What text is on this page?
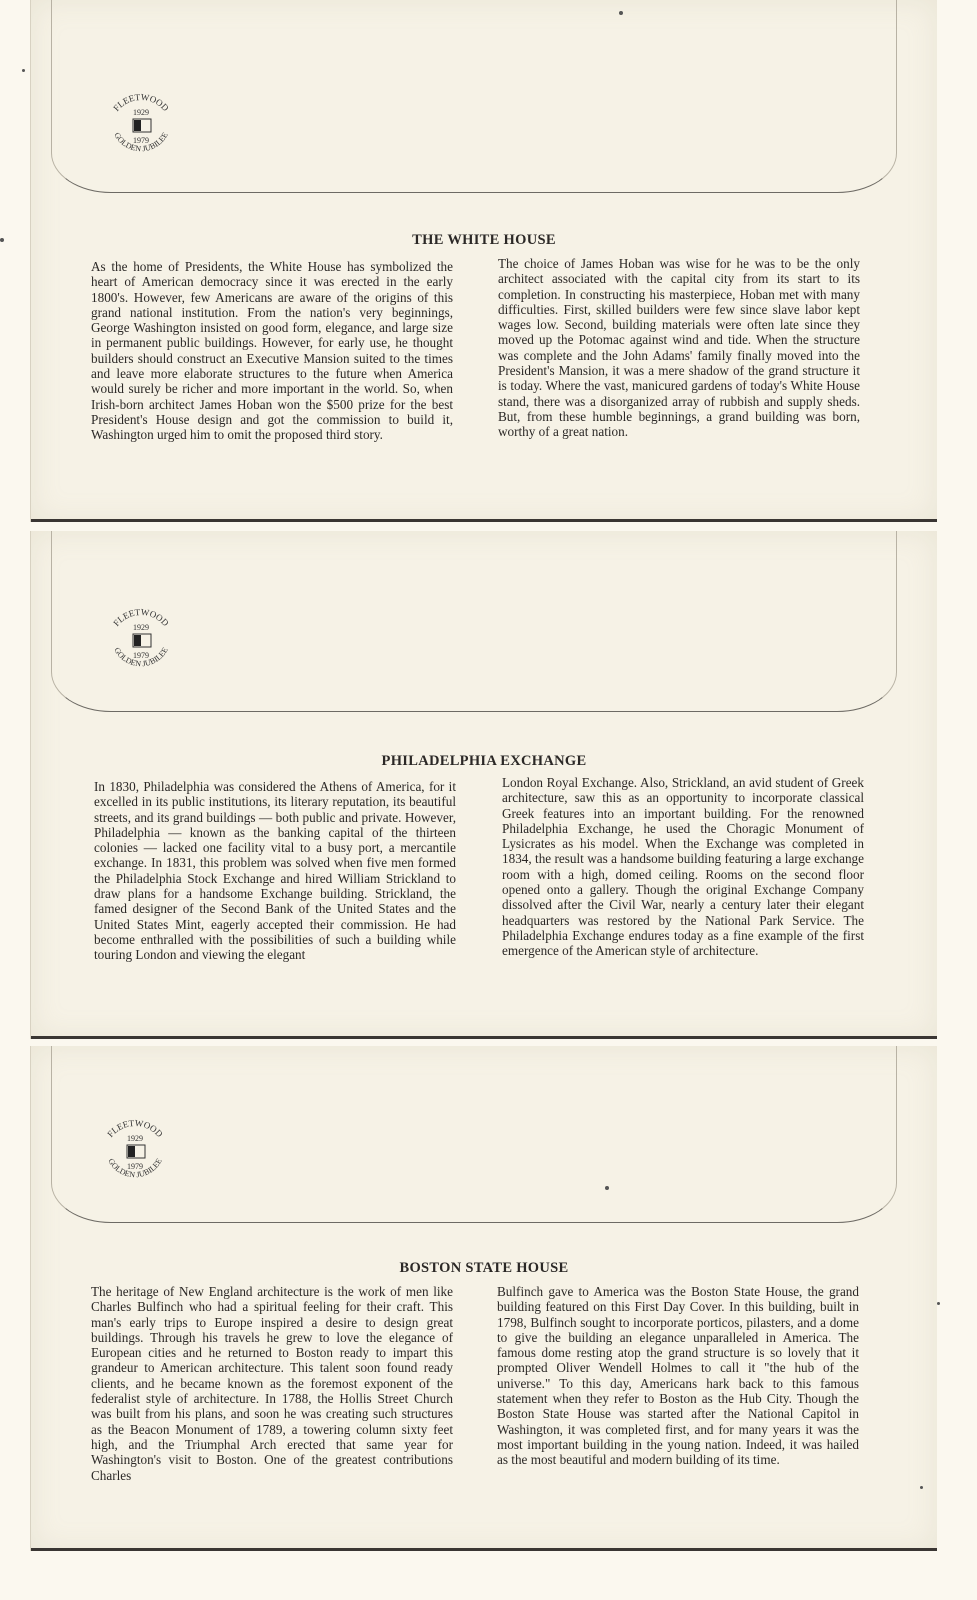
FLEETWOOD
GOLDEN JUBILEE
1929
1979
THE WHITE HOUSE
As the home of Presidents, the White House has symbolized the heart of American democracy since it was erected in the early 1800's. However, few Americans are aware of the origins of this grand national institution. From the nation's very beginnings, George Washington insisted on good form, elegance, and large size in permanent public buildings. However, for early use, he thought builders should construct an Executive Mansion suited to the times and leave more elaborate structures to the future when America would surely be richer and more important in the world. So, when Irish-born architect James Hoban won the $500 prize for the best President's House design and got the commission to build it, Washington urged him to omit the proposed third story.
The choice of James Hoban was wise for he was to be the only architect associated with the capital city from its start to its completion. In constructing his masterpiece, Hoban met with many difficulties. First, skilled builders were few since slave labor kept wages low. Second, building materials were often late since they moved up the Potomac against wind and tide. When the structure was complete and the John Adams' family finally moved into the President's Mansion, it was a mere shadow of the grand structure it is today. Where the vast, manicured gardens of today's White House stand, there was a disorganized array of rubbish and supply sheds. But, from these humble beginnings, a grand building was born, worthy of a great nation.
FLEETWOOD
GOLDEN JUBILEE
1929
1979
PHILADELPHIA EXCHANGE
In 1830, Philadelphia was considered the Athens of America, for it excelled in its public institutions, its literary reputation, its beautiful streets, and its grand buildings — both public and private. However, Philadelphia — known as the banking capital of the thirteen colonies — lacked one facility vital to a busy port, a mercantile exchange. In 1831, this problem was solved when five men formed the Philadelphia Stock Exchange and hired William Strickland to draw plans for a handsome Exchange building. Strickland, the famed designer of the Second Bank of the United States and the United States Mint, eagerly accepted their commission. He had become enthralled with the possibilities of such a building while touring London and viewing the elegant
London Royal Exchange. Also, Strickland, an avid student of Greek architecture, saw this as an opportunity to incorporate classical Greek features into an important building. For the renowned Philadelphia Exchange, he used the Choragic Monument of Lysicrates as his model. When the Exchange was completed in 1834, the result was a handsome building featuring a large exchange room with a high, domed ceiling. Rooms on the second floor opened onto a gallery. Though the original Exchange Company dissolved after the Civil War, nearly a century later their elegant headquarters was restored by the National Park Service. The Philadelphia Exchange endures today as a fine example of the first emergence of the American style of architecture.
FLEETWOOD
GOLDEN JUBILEE
1929
1979
BOSTON STATE HOUSE
The heritage of New England architecture is the work of men like Charles Bulfinch who had a spiritual feeling for their craft. This man's early trips to Europe inspired a desire to design great buildings. Through his travels he grew to love the elegance of European cities and he returned to Boston ready to impart this grandeur to American architecture. This talent soon found ready clients, and he became known as the foremost exponent of the federalist style of architecture. In 1788, the Hollis Street Church was built from his plans, and soon he was creating such structures as the Beacon Monument of 1789, a towering column sixty feet high, and the Triumphal Arch erected that same year for Washington's visit to Boston. One of the greatest contributions Charles
Bulfinch gave to America was the Boston State House, the grand building featured on this First Day Cover. In this building, built in 1798, Bulfinch sought to incorporate porticos, pilasters, and a dome to give the building an elegance unparalleled in America. The famous dome resting atop the grand structure is so lovely that it prompted Oliver Wendell Holmes to call it "the hub of the universe." To this day, Americans hark back to this famous statement when they refer to Boston as the Hub City. Though the Boston State House was started after the National Capitol in Washington, it was completed first, and for many years it was the most important building in the young nation. Indeed, it was hailed as the most beautiful and modern building of its time.
